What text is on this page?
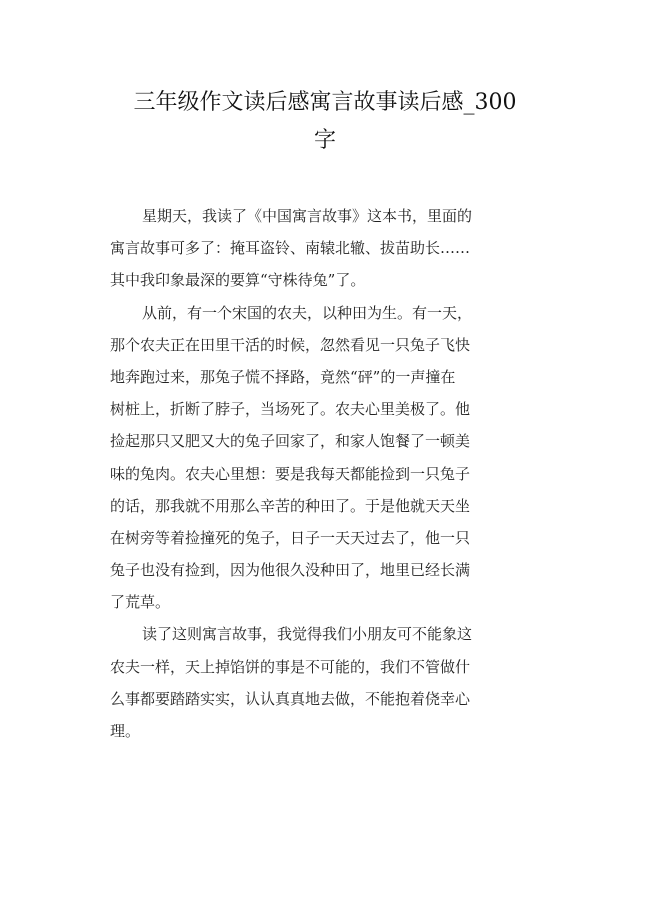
三年级作文读后感寓言故事读后感_300
字
星期天，我读了《中国寓言故事》这本书，里面的
寓言故事可多了：掩耳盗铃、南辕北辙、拔苗助长……
其中我印象最深的要算“守株待兔”了。
从前，有一个宋国的农夫，以种田为生。有一天，
那个农夫正在田里干活的时候，忽然看见一只兔子飞快
地奔跑过来，那兔子慌不择路，竟然“砰”的一声撞在
树桩上，折断了脖子，当场死了。农夫心里美极了。他
捡起那只又肥又大的兔子回家了，和家人饱餐了一顿美
味的兔肉。农夫心里想：要是我每天都能捡到一只兔子
的话，那我就不用那么辛苦的种田了。于是他就天天坐
在树旁等着捡撞死的兔子，日子一天天过去了，他一只
兔子也没有捡到，因为他很久没种田了，地里已经长满
了荒草。
读了这则寓言故事，我觉得我们小朋友可不能象这
农夫一样，天上掉馅饼的事是不可能的，我们不管做什
么事都要踏踏实实，认认真真地去做，不能抱着侥幸心
理。
